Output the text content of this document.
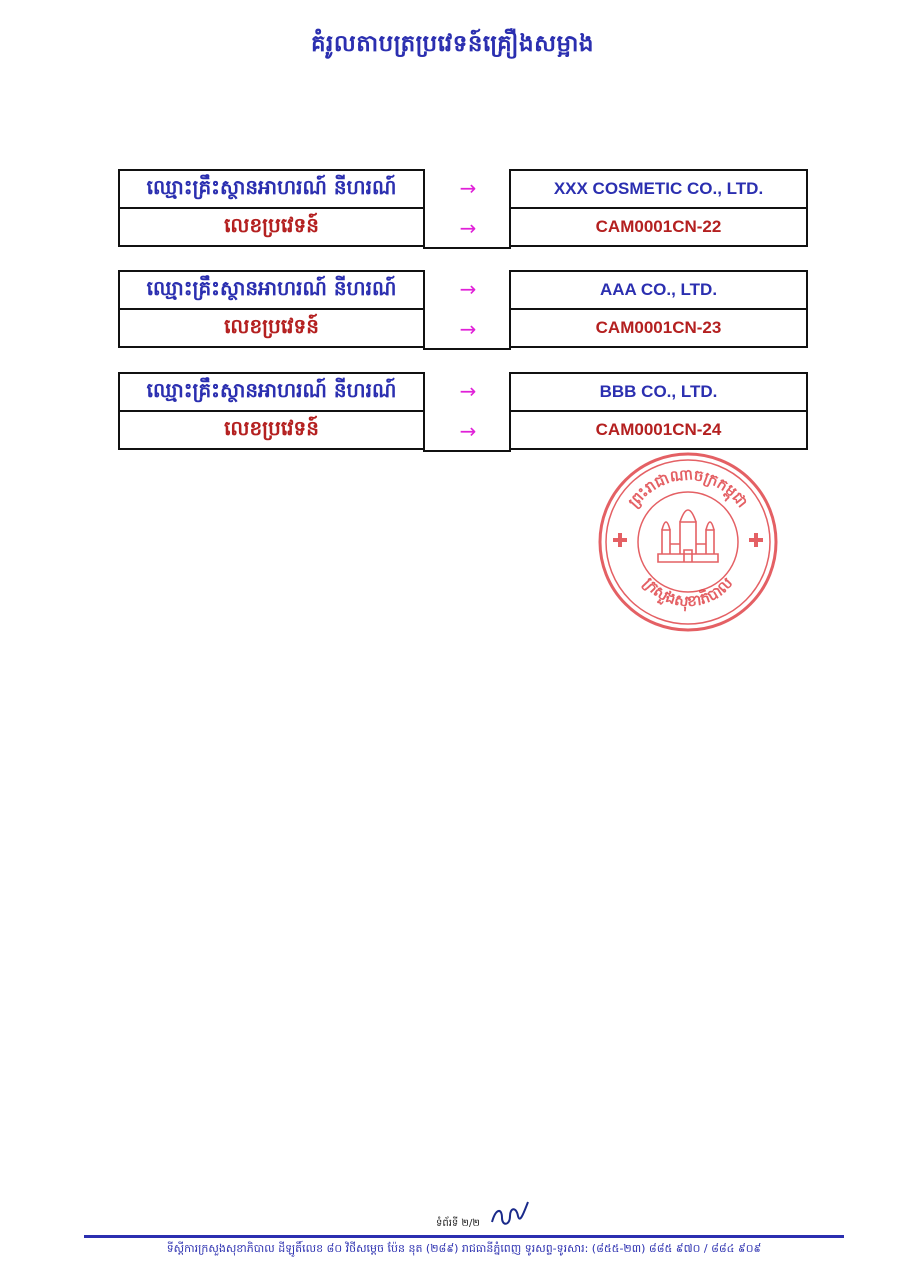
គំរូលតាបត្រប្រវេទន៍គ្រឿងសម្អាង
ឈ្មោះគ្រឹះស្ថានអាហរណ៍ នីហរណ៍
លេខប្រវេទន៍
→
→
XXX COSMETIC CO., LTD.
CAM0001CN-22
ឈ្មោះគ្រឹះស្ថានអាហរណ៍ នីហរណ៍
លេខប្រវេទន៍
→
→
AAA CO., LTD.
CAM0001CN-23
ឈ្មោះគ្រឹះស្ថានអាហរណ៍ នីហរណ៍
លេខប្រវេទន៍
→
→
BBB CO., LTD.
CAM0001CN-24
ព្រះរាជាណាចក្រកម្ពុជា
ក្រសួងសុខាភិបាល
ទំព័រទី ២/២
ទីស្តីការក្រសួងសុខាភិបាល ដីឡូតិ៍លេខ ៨០ វិថីសម្ដេច ប៉ែន នុត (២៨៩) រាជធានីភ្នំពេញ ទូរសព្ទ-ទូរសារ: (៨៥៥-២៣) ៨៨៥ ៩៧០ / ៨៨៤ ៩០៩
